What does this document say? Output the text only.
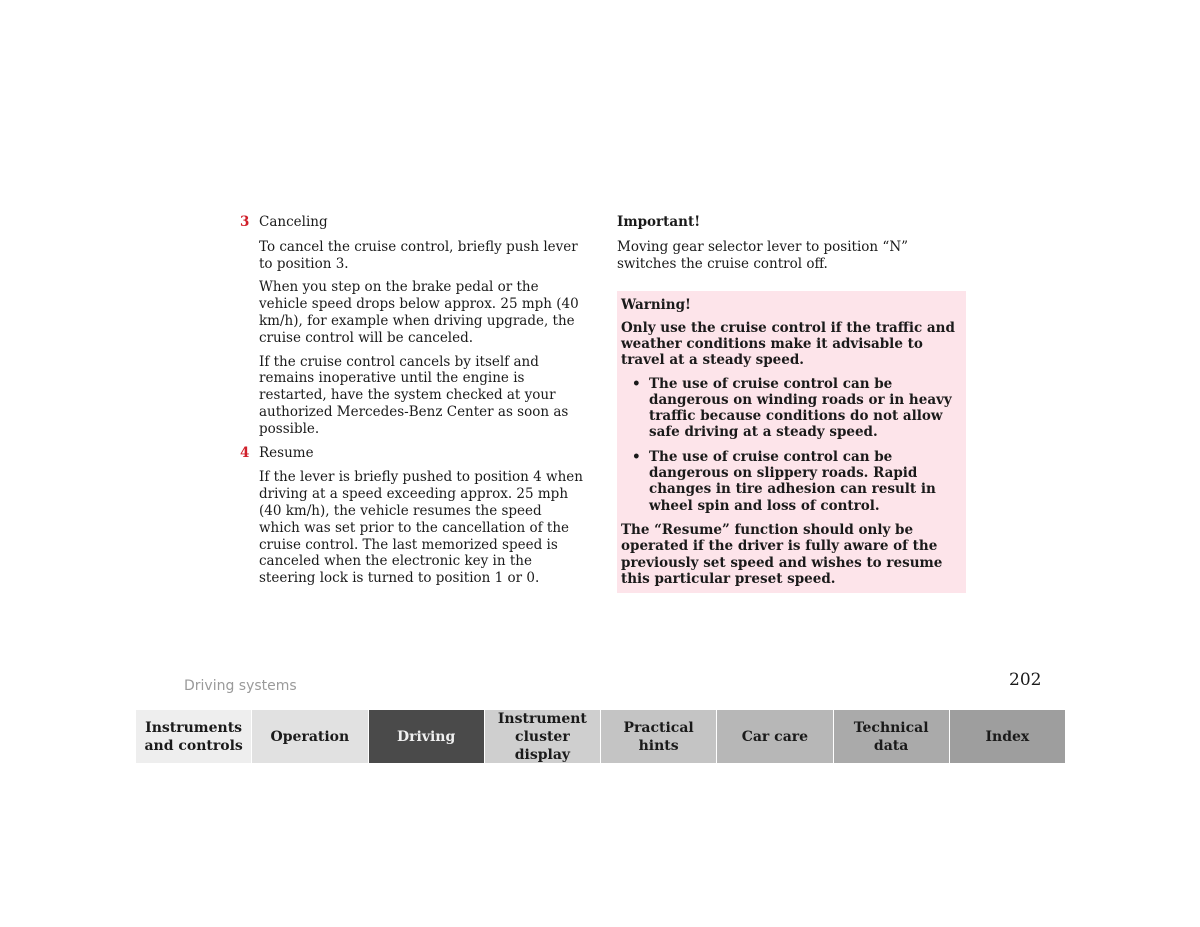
3 Canceling

To cancel the cruise control, briefly push lever to position 3.

When you step on the brake pedal or the vehicle speed drops below approx. 25 mph (40 km/h), for example when driving upgrade, the cruise control will be canceled.

If the cruise control cancels by itself and remains inoperative until the engine is restarted, have the system checked at your authorized Mercedes-Benz Center as soon as possible.

4 Resume

If the lever is briefly pushed to position 4 when driving at a speed exceeding approx. 25 mph (40 km/h), the vehicle resumes the speed which was set prior to the cancellation of the cruise control. The last memorized speed is canceled when the electronic key in the steering lock is turned to position 1 or 0.

Important!

Moving gear selector lever to position “N” switches the cruise control off.

Warning!

Only use the cruise control if the traffic and weather conditions make it advisable to travel at a steady speed.

• The use of cruise control can be dangerous on winding roads or in heavy traffic because conditions do not allow safe driving at a steady speed.
• The use of cruise control can be dangerous on slippery roads. Rapid changes in tire adhesion can result in wheel spin and loss of control.

The “Resume” function should only be operated if the driver is fully aware of the previously set speed and wishes to resume this particular preset speed.

Driving systems	202
Instruments
and controls
Operation	Driving
Instrument
cluster display
Practical hints
Car care
Technical
data
Index
